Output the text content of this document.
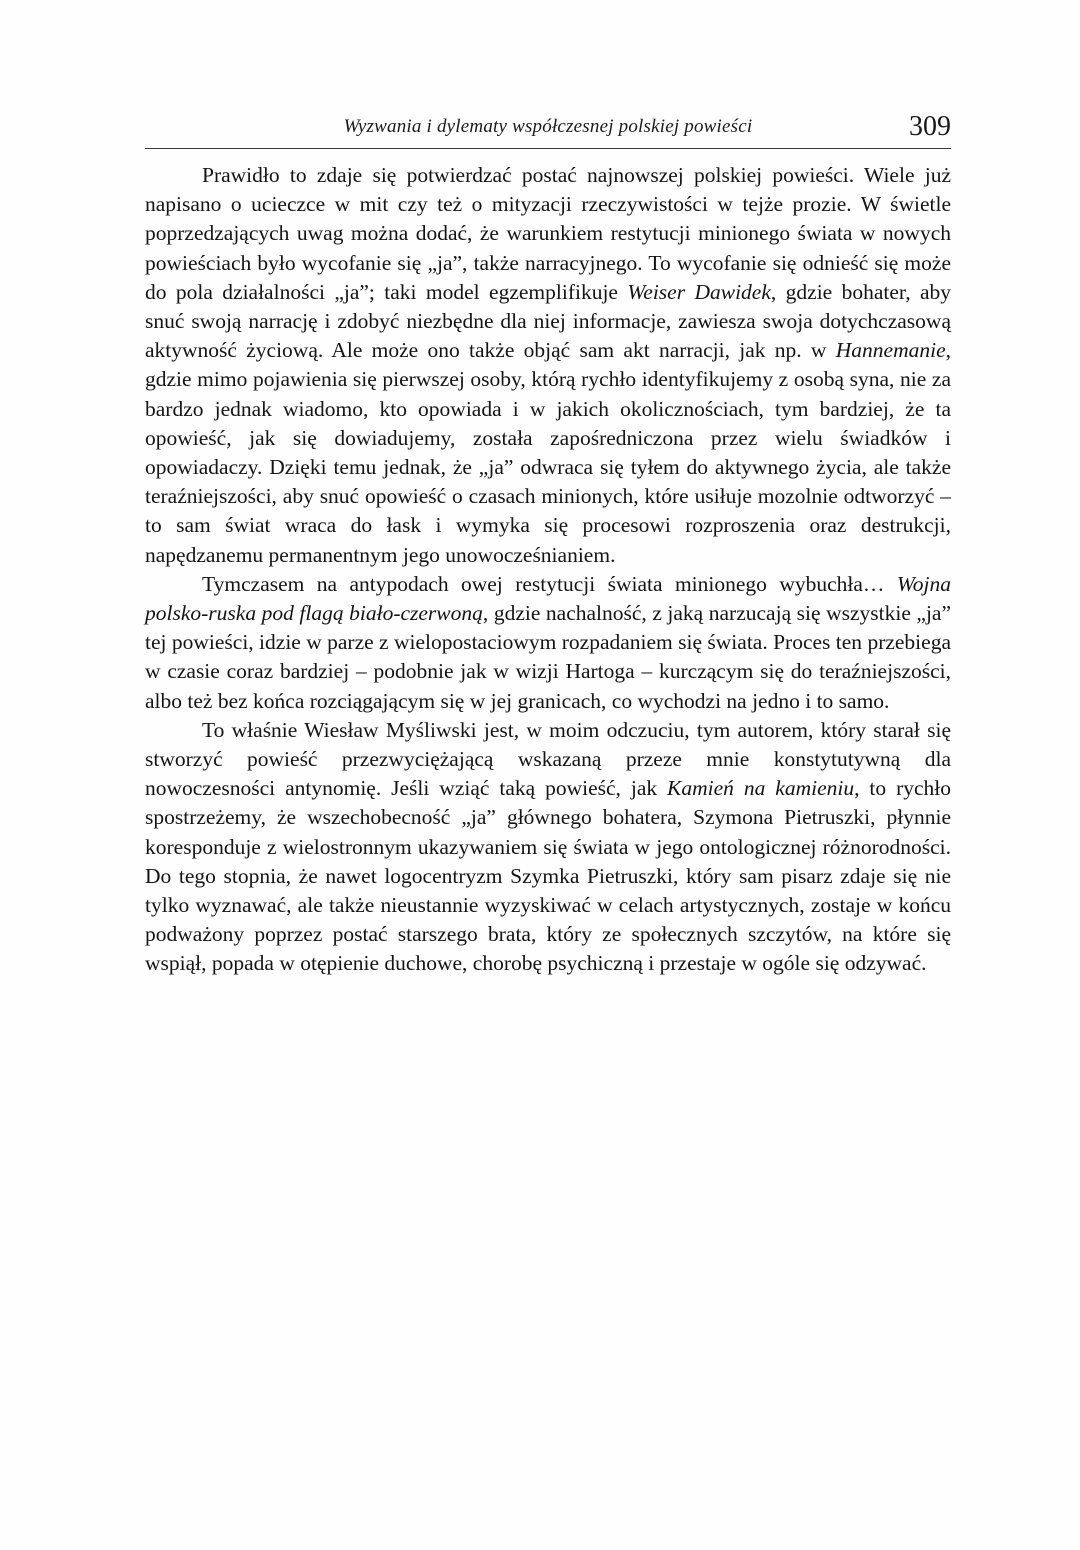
Wyzwania i dylematy współczesnej polskiej powieści	309

Prawidło to zdaje się potwierdzać postać najnowszej polskiej powieści. Wiele już napisano o ucieczce w mit czy też o mityzacji rzeczywistości w tejże prozie. W świetle poprzedzających uwag można dodać, że warunkiem restytucji minionego świata w nowych powieściach było wycofanie się „ja”, także narracyjnego. To wycofanie się odnieść się może do pola działalności „ja”; taki model egzemplifikuje Weiser Dawidek, gdzie bohater, aby snuć swoją narrację i zdobyć niezbędne dla niej informacje, zawiesza swoja dotychczasową aktywność życiową. Ale może ono także objąć sam akt narracji, jak np. w Hannemanie, gdzie mimo pojawienia się pierwszej osoby, którą rychło identyfikujemy z osobą syna, nie za bardzo jednak wiadomo, kto opowiada i w jakich okolicznościach, tym bardziej, że ta opowieść, jak się dowiadujemy, została zapośredniczona przez wielu świadków i opowiadaczy. Dzięki temu jednak, że „ja” odwraca się tyłem do aktywnego życia, ale także teraźniejszości, aby snuć opowieść o czasach minionych, które usiłuje mozolnie odtworzyć – to sam świat wraca do łask i wymyka się procesowi rozproszenia oraz destrukcji, napędzanemu permanentnym jego unowocześnianiem.

Tymczasem na antypodach owej restytucji świata minionego wybuchła… Wojna polsko-ruska pod flagą biało-czerwoną, gdzie nachalność, z jaką narzucają się wszystkie „ja” tej powieści, idzie w parze z wielopostaciowym rozpadaniem się świata. Proces ten przebiega w czasie coraz bardziej – podobnie jak w wizji Hartoga – kurczącym się do teraźniejszości, albo też bez końca rozciągającym się w jej granicach, co wychodzi na jedno i to samo.

To właśnie Wiesław Myśliwski jest, w moim odczuciu, tym autorem, który starał się stworzyć powieść przezwyciężającą wskazaną przeze mnie konstytutywną dla nowoczesności antynomię. Jeśli wziąć taką powieść, jak Kamień na kamieniu, to rychło spostrzeżemy, że wszechobecność „ja” głównego bohatera, Szymona Pietruszki, płynnie koresponduje z wielostronnym ukazywaniem się świata w jego ontologicznej różnorodności. Do tego stopnia, że nawet logocentryzm Szymka Pietruszki, który sam pisarz zdaje się nie tylko wyznawać, ale także nieustannie wyzyskiwać w celach artystycznych, zostaje w końcu podważony poprzez postać starszego brata, który ze społecznych szczytów, na które się wspiął, popada w otępienie duchowe, chorobę psychiczną i przestaje w ogóle się odzywać.
